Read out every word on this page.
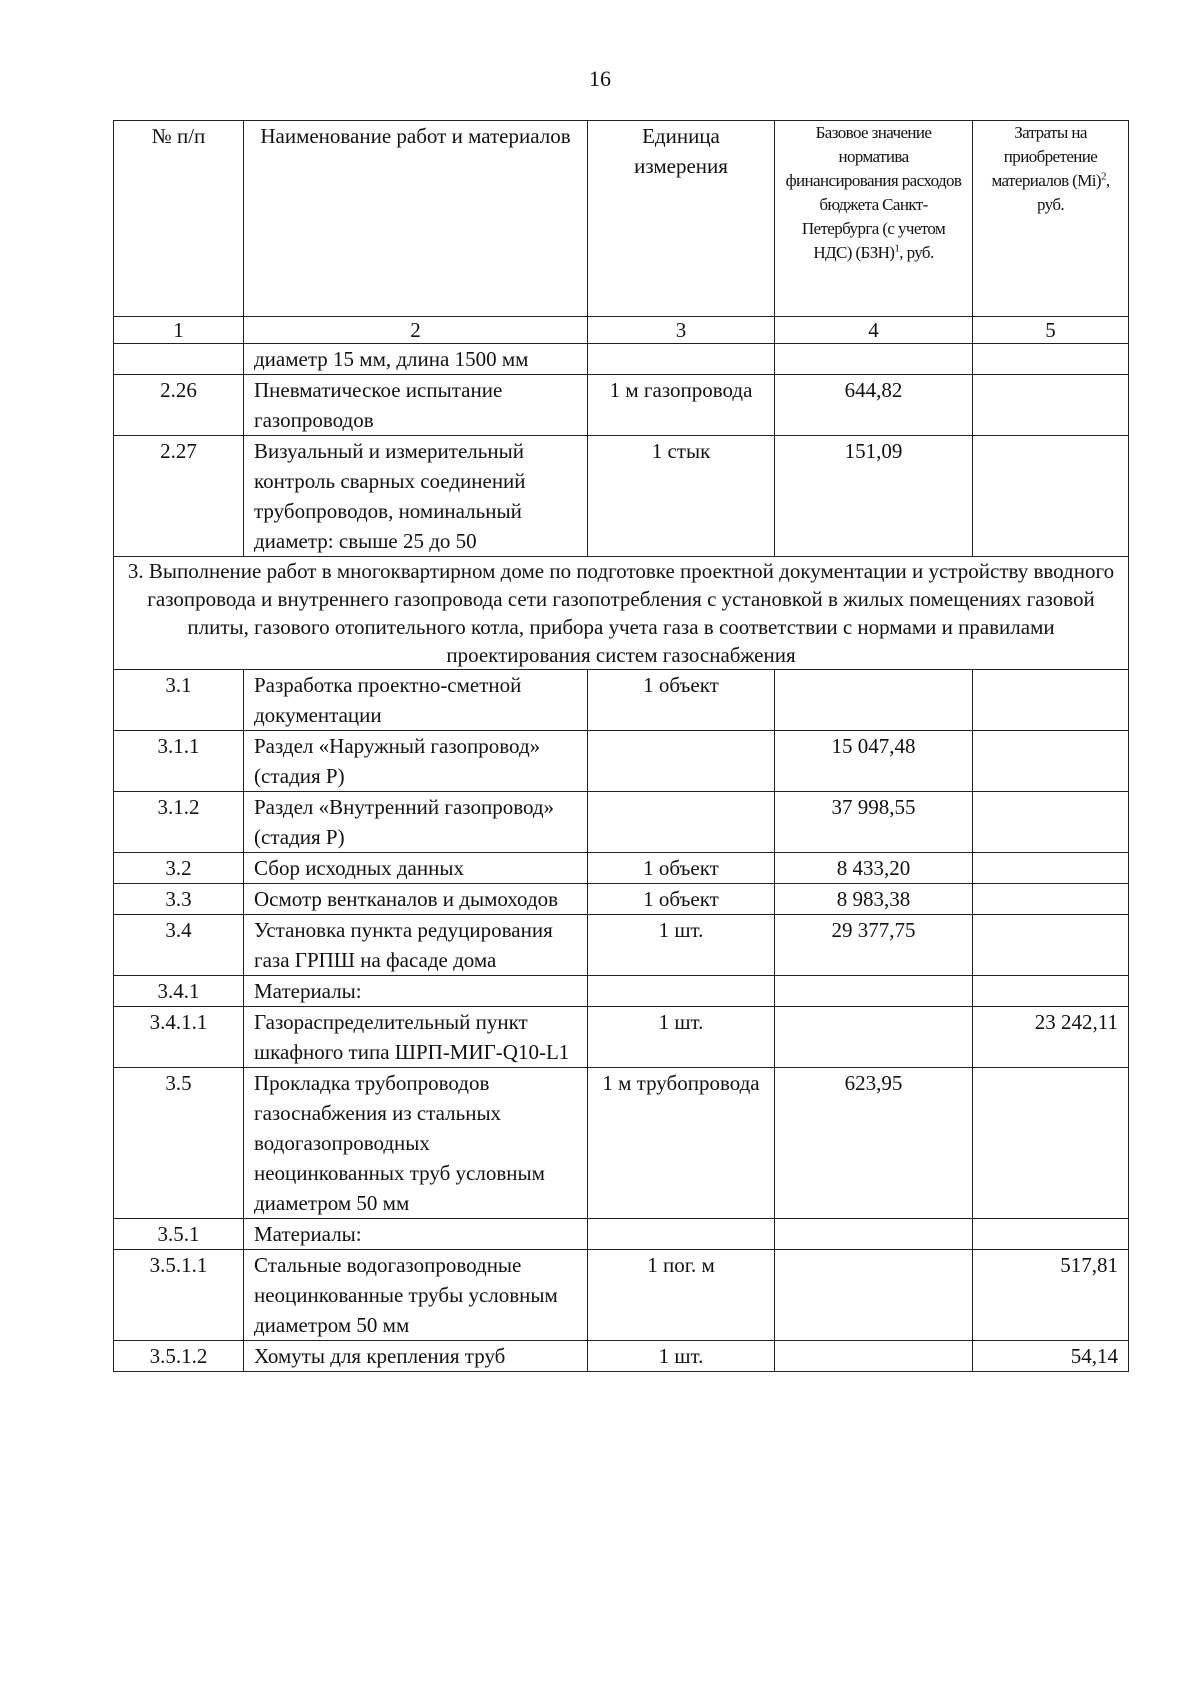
16
№ п/п	Наименование работ и материалов	Единица измерения	Базовое значение норматива финансирования расходов бюджета Санкт-Петербурга (с учетом НДС) (БЗН)$^1$, руб.	Затраты на приобретение материалов $(Mi)^2$, руб.
1	2	3	4	5
	диаметр 15 мм, длина 1500 мм			
2.26	Пневматическое испытание газопроводов	1 м газопровода	644,82	
2.27	Визуальный и измерительный контроль сварных соединений трубопроводов, номинальный диаметр: свыше 25 до 50	1 стык	151,09	
3. Выполнение работ в многоквартирном доме по подготовке проектной документации и устройству вводного газопровода и внутреннего газопровода сети газопотребления с установкой в жилых помещениях газовой плиты, газового отопительного котла, прибора учета газа в соответствии с нормами и правилами проектирования систем газоснабжения				
3.1	Разработка проектно-сметной документации	1 объект		
3.1.1	Раздел «Наружный газопровод» (стадия Р)		15 047,48	
3.1.2	Раздел «Внутренний газопровод» (стадия Р)		37 998,55	
3.2	Сбор исходных данных	1 объект	8 433,20	
3.3	Осмотр вентканалов и дымоходов	1 объект	8 983,38	
3.4	Установка пункта редуцирования газа ГРПШ на фасаде дома	1 шт.	29 377,75	
3.4.1	Материалы:			
3.4.1.1	Газораспределительный пункт шкафного типа ШРП-МИГ-Q10-L1	1 шт.		23 242,11
3.5	Прокладка трубопроводов газоснабжения из стальных водогазопроводных неоцинкованных труб условным диаметром 50 мм	1 м трубопровода	623,95	
3.5.1	Материалы:			
3.5.1.1	Стальные водогазопроводные неоцинкованные трубы условным диаметром 50 мм	1 пог. м		517,81
3.5.1.2	Хомуты для крепления труб	1 шт.		54,14
